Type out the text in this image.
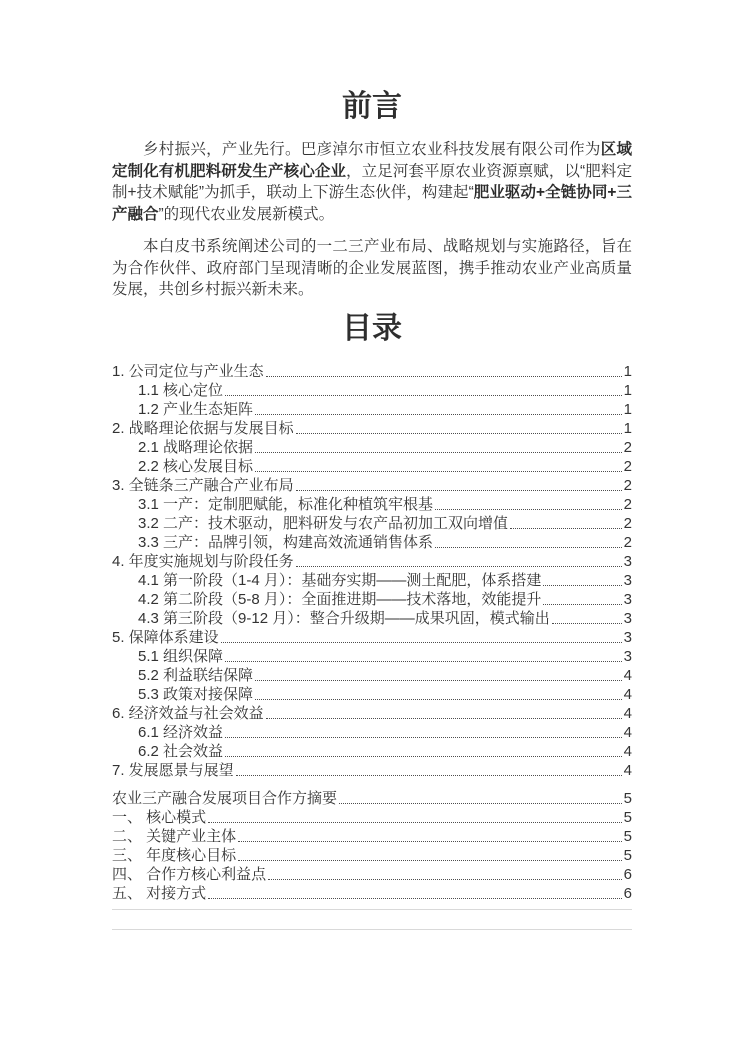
前言

乡村振兴，产业先行。巴彦淖尔市恒立农业科技发展有限公司作为区域定制化有机肥料研发生产核心企业，立足河套平原农业资源禀赋，以“肥料定制+技术赋能”为抓手，联动上下游生态伙伴，构建起“肥业驱动+全链协同+三产融合”的现代农业发展新模式。

本白皮书系统阐述公司的一二三产业布局、战略规划与实施路径，旨在为合作伙伴、政府部门呈现清晰的企业发展蓝图，携手推动农业产业高质量发展，共创乡村振兴新未来。

目录
1. 公司定位与产业生态	1
1.1 核心定位	1
1.2 产业生态矩阵	1
2. 战略理论依据与发展目标	1
2.1 战略理论依据	2
2.2 核心发展目标	2
3. 全链条三产融合产业布局	2
3.1 一产：定制肥赋能，标准化种植筑牢根基	2
3.2 二产：技术驱动，肥料研发与农产品初加工双向增值	2
3.3 三产：品牌引领，构建高效流通销售体系	2
4. 年度实施规划与阶段任务	3
4.1 第一阶段（1-4 月）：基础夯实期——测土配肥，体系搭建	3
4.2 第二阶段（5-8 月）：全面推进期——技术落地，效能提升	3
4.3 第三阶段（9-12 月）：整合升级期——成果巩固，模式输出	3
5. 保障体系建设	3
5.1 组织保障	3
5.2 利益联结保障	4
5.3 政策对接保障	4
6. 经济效益与社会效益	4
6.1 经济效益	4
6.2 社会效益	4
7. 发展愿景与展望	4
农业三产融合发展项目合作方摘要	5
一、 核心模式	5
二、 关键产业主体	5
三、 年度核心目标	5
四、 合作方核心利益点	6
五、 对接方式	6
